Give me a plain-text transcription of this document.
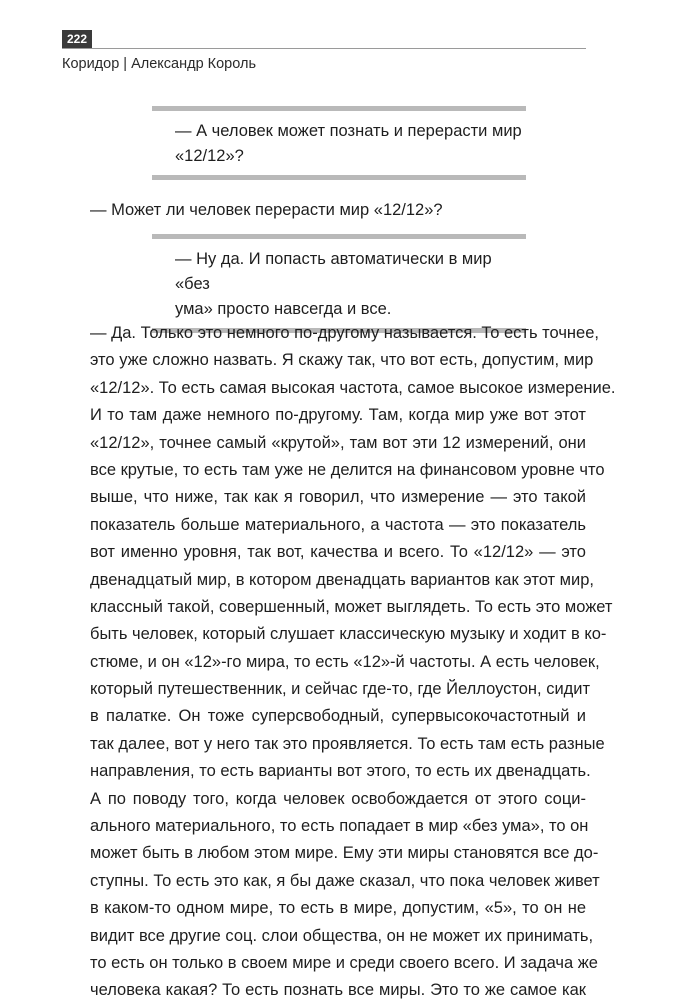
222
Коридор | Александр Король
— А человек может познать и перерасти мир
«12/12»?
— Может ли человек перерасти мир «12/12»?
— Ну да. И попасть автоматически в мир «без
ума» просто навсегда и все.
— Да. Только это немного по-другому называется. То есть точнее,
это уже сложно назвать. Я скажу так, что вот есть, допустим, мир
«12/12». То есть самая высокая частота, самое высокое измерение.
И то там даже немного по-другому. Там, когда мир уже вот этот
«12/12», точнее самый «крутой», там вот эти 12 измерений, они
все крутые, то есть там уже не делится на финансовом уровне что
выше, что ниже, так как я говорил, что измерение — это такой
показатель больше материального, а частота — это показатель
вот именно уровня, так вот, качества и всего. То «12/12» — это
двенадцатый мир, в котором двенадцать вариантов как этот мир,
классный такой, совершенный, может выглядеть. То есть это может
быть человек, который слушает классическую музыку и ходит в ко-
стюме, и он «12»-го мира, то есть «12»-й частоты. А есть человек,
который путешественник, и сейчас где-то, где Йеллоустон, сидит
в палатке. Он тоже суперсвободный, супервысокочастотный и
так далее, вот у него так это проявляется. То есть там есть разные
направления, то есть варианты вот этого, то есть их двенадцать.
А по поводу того, когда человек освобождается от этого соци-
ального материального, то есть попадает в мир «без ума», то он
может быть в любом этом мире. Ему эти миры становятся все до-
ступны. То есть это как, я бы даже сказал, что пока человек живет
в каком-то одном мире, то есть в мире, допустим, «5», то он не
видит все другие соц. слои общества, он не может их принимать,
то есть он только в своем мире и среди своего всего. И задача же
человека какая? То есть познать все миры. Это то же самое как
